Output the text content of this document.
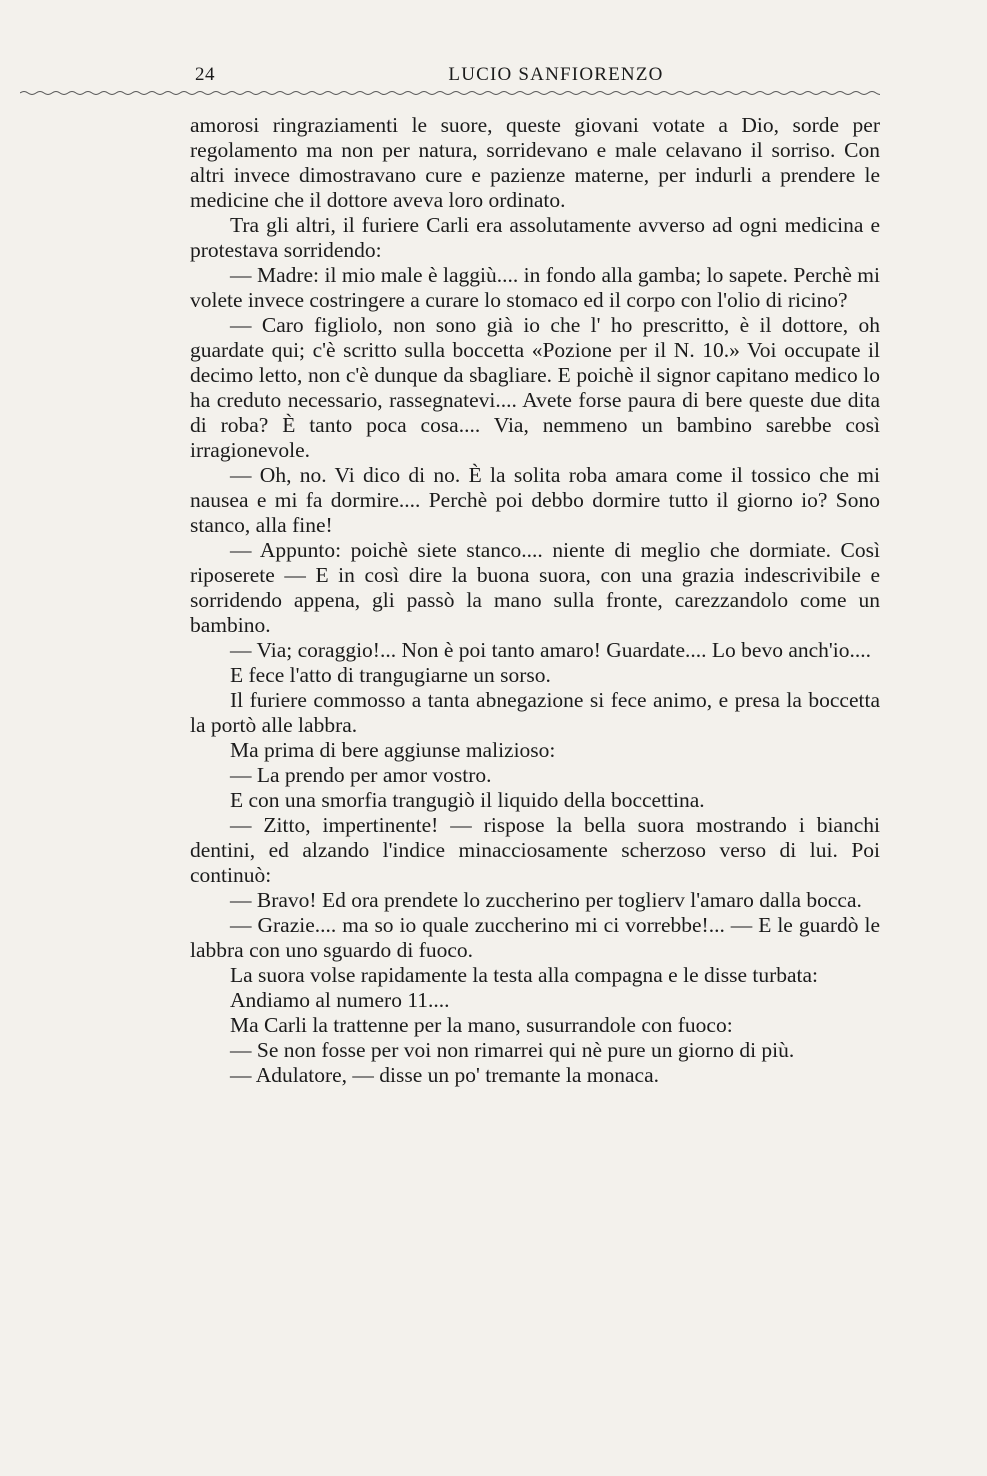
24	LUCIO SANFIORENZO

amorosi ringraziamenti le suore, queste giovani votate a Dio, sorde per regolamento ma non per natura, sorridevano e male celavano il sorriso. Con altri invece dimostravano cure e pazienze materne, per indurli a prendere le medicine che il dottore aveva loro ordinato.

Tra gli altri, il furiere Carli era assolutamente avverso ad ogni medicina e protestava sorridendo:

— Madre: il mio male è laggiù.... in fondo alla gamba; lo sapete. Perchè mi volete invece costringere a curare lo stomaco ed il corpo con l'olio di ricino?

— Caro figliolo, non sono già io che l' ho prescritto, è il dottore, oh guardate qui; c'è scritto sulla boccetta «Pozione per il N. 10.» Voi occupate il decimo letto, non c'è dunque da sbagliare. E poichè il signor capitano medico lo ha creduto necessario, rassegnatevi.... Avete forse paura di bere queste due dita di roba? È tanto poca cosa.... Via, nemmeno un bambino sarebbe così irragionevole.

— Oh, no. Vi dico di no. È la solita roba amara come il tossico che mi nausea e mi fa dormire.... Perchè poi debbo dormire tutto il giorno io? Sono stanco, alla fine!

— Appunto: poichè siete stanco.... niente di meglio che dormiate. Così riposerete — E in così dire la buona suora, con una grazia indescrivibile e sorridendo appena, gli passò la mano sulla fronte, carezzandolo come un bambino.

— Via; coraggio!... Non è poi tanto amaro! Guardate.... Lo bevo anch'io....

E fece l'atto di trangugiarne un sorso.

Il furiere commosso a tanta abnegazione si fece animo, e presa la boccetta la portò alle labbra.

Ma prima di bere aggiunse malizioso:

— La prendo per amor vostro.

E con una smorfia trangugiò il liquido della boccettina.

— Zitto, impertinente! — rispose la bella suora mostrando i bianchi dentini, ed alzando l'indice minacciosamente scherzoso verso di lui. Poi continuò:

— Bravo! Ed ora prendete lo zuccherino per toglierv l'amaro dalla bocca.

— Grazie.... ma so io quale zuccherino mi ci vorrebbe!... — E le guardò le labbra con uno sguardo di fuoco.

La suora volse rapidamente la testa alla compagna e le disse turbata:

Andiamo al numero 11....

Ma Carli la trattenne per la mano, susurrandole con fuoco:

— Se non fosse per voi non rimarrei qui nè pure un giorno di più.

— Adulatore, — disse un po' tremante la monaca.
